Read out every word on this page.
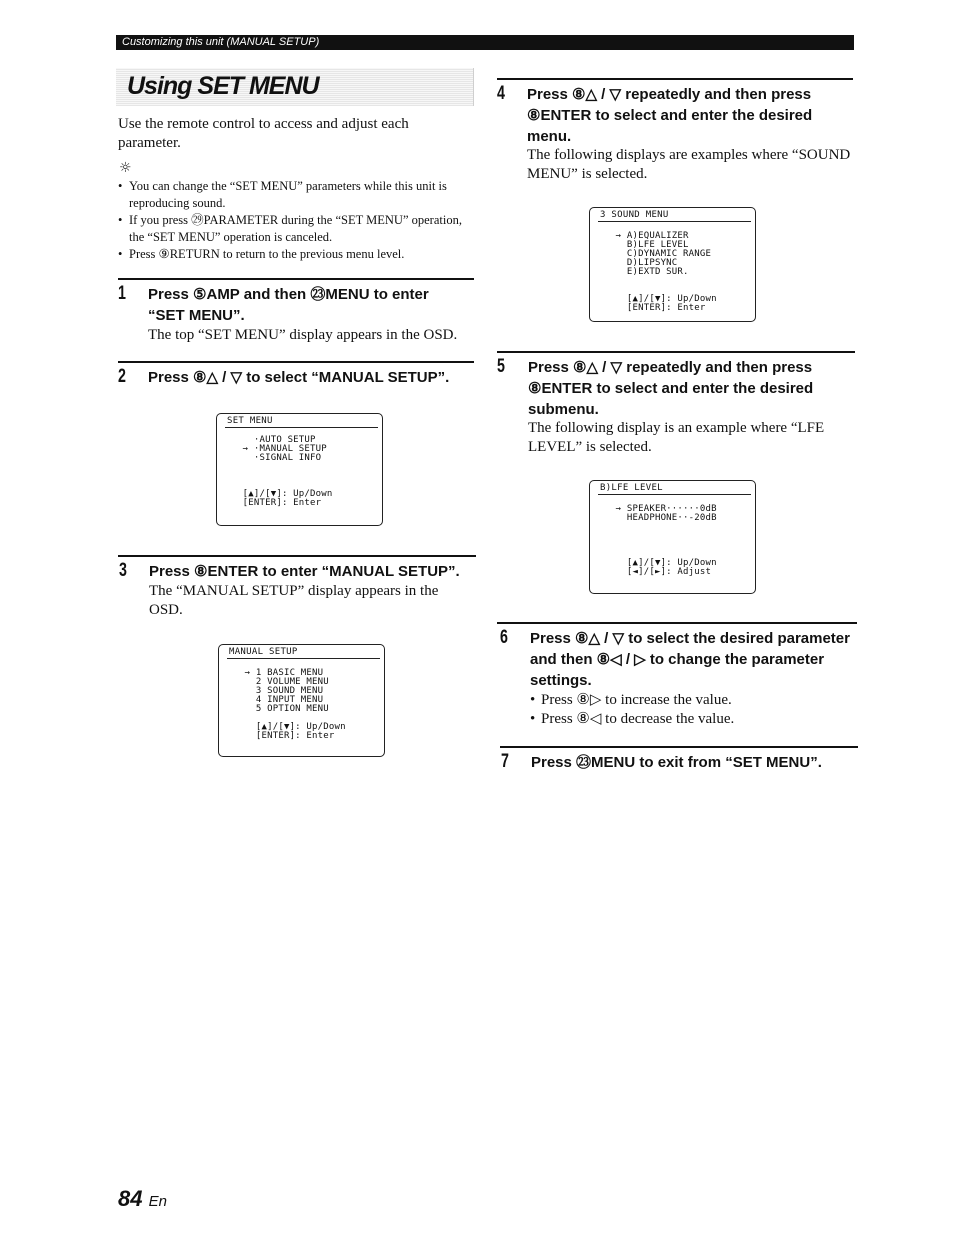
Customizing this unit (MANUAL SETUP)
Using SET MENU
Use the remote control to access and adjust each parameter.
☼
• You can change the “SET MENU” parameters while this unit is reproducing sound.
• If you press ㉙PARAMETER during the “SET MENU” operation, the “SET MENU” operation is canceled.
• Press ⑨RETURN to return to the previous menu level.
1 Press ⑤AMP and then ㉓MENU to enter “SET MENU”.
The top “SET MENU” display appears in the OSD.
2 Press ⑧△ / ▽ to select “MANUAL SETUP”.
SET MENU
·AUTO SETUP
→ ·MANUAL SETUP
·SIGNAL INFO

[▲]/[▼]: Up/Down
[ENTER]: Enter
3 Press ⑧ENTER to enter “MANUAL SETUP”.
The “MANUAL SETUP” display appears in the OSD.
MANUAL SETUP
→ 1 BASIC MENU
2 VOLUME MENU
3 SOUND MENU
4 INPUT MENU
5 OPTION MENU

[▲]/[▼]: Up/Down
[ENTER]: Enter
4 Press ⑧△ / ▽ repeatedly and then press ⑧ENTER to select and enter the desired menu.
The following displays are examples where “SOUND MENU” is selected.
3 SOUND MENU
→ A)EQUALIZER
B)LFE LEVEL
C)DYNAMIC RANGE
D)LIPSYNC
E)EXTD SUR.

[▲]/[▼]: Up/Down
[ENTER]: Enter
5 Press ⑧△ / ▽ repeatedly and then press ⑧ENTER to select and enter the desired submenu.
The following display is an example where “LFE LEVEL” is selected.
B)LFE LEVEL
→ SPEAKER······0dB
HEADPHONE··-20dB

[▲]/[▼]: Up/Down
[◄]/[►]: Adjust
6 Press ⑧△ / ▽ to select the desired parameter and then ⑧◁ / ▷ to change the parameter settings.
• Press ⑧▷ to increase the value.
• Press ⑧◁ to decrease the value.
7 Press ㉓MENU to exit from “SET MENU”.
84 En
